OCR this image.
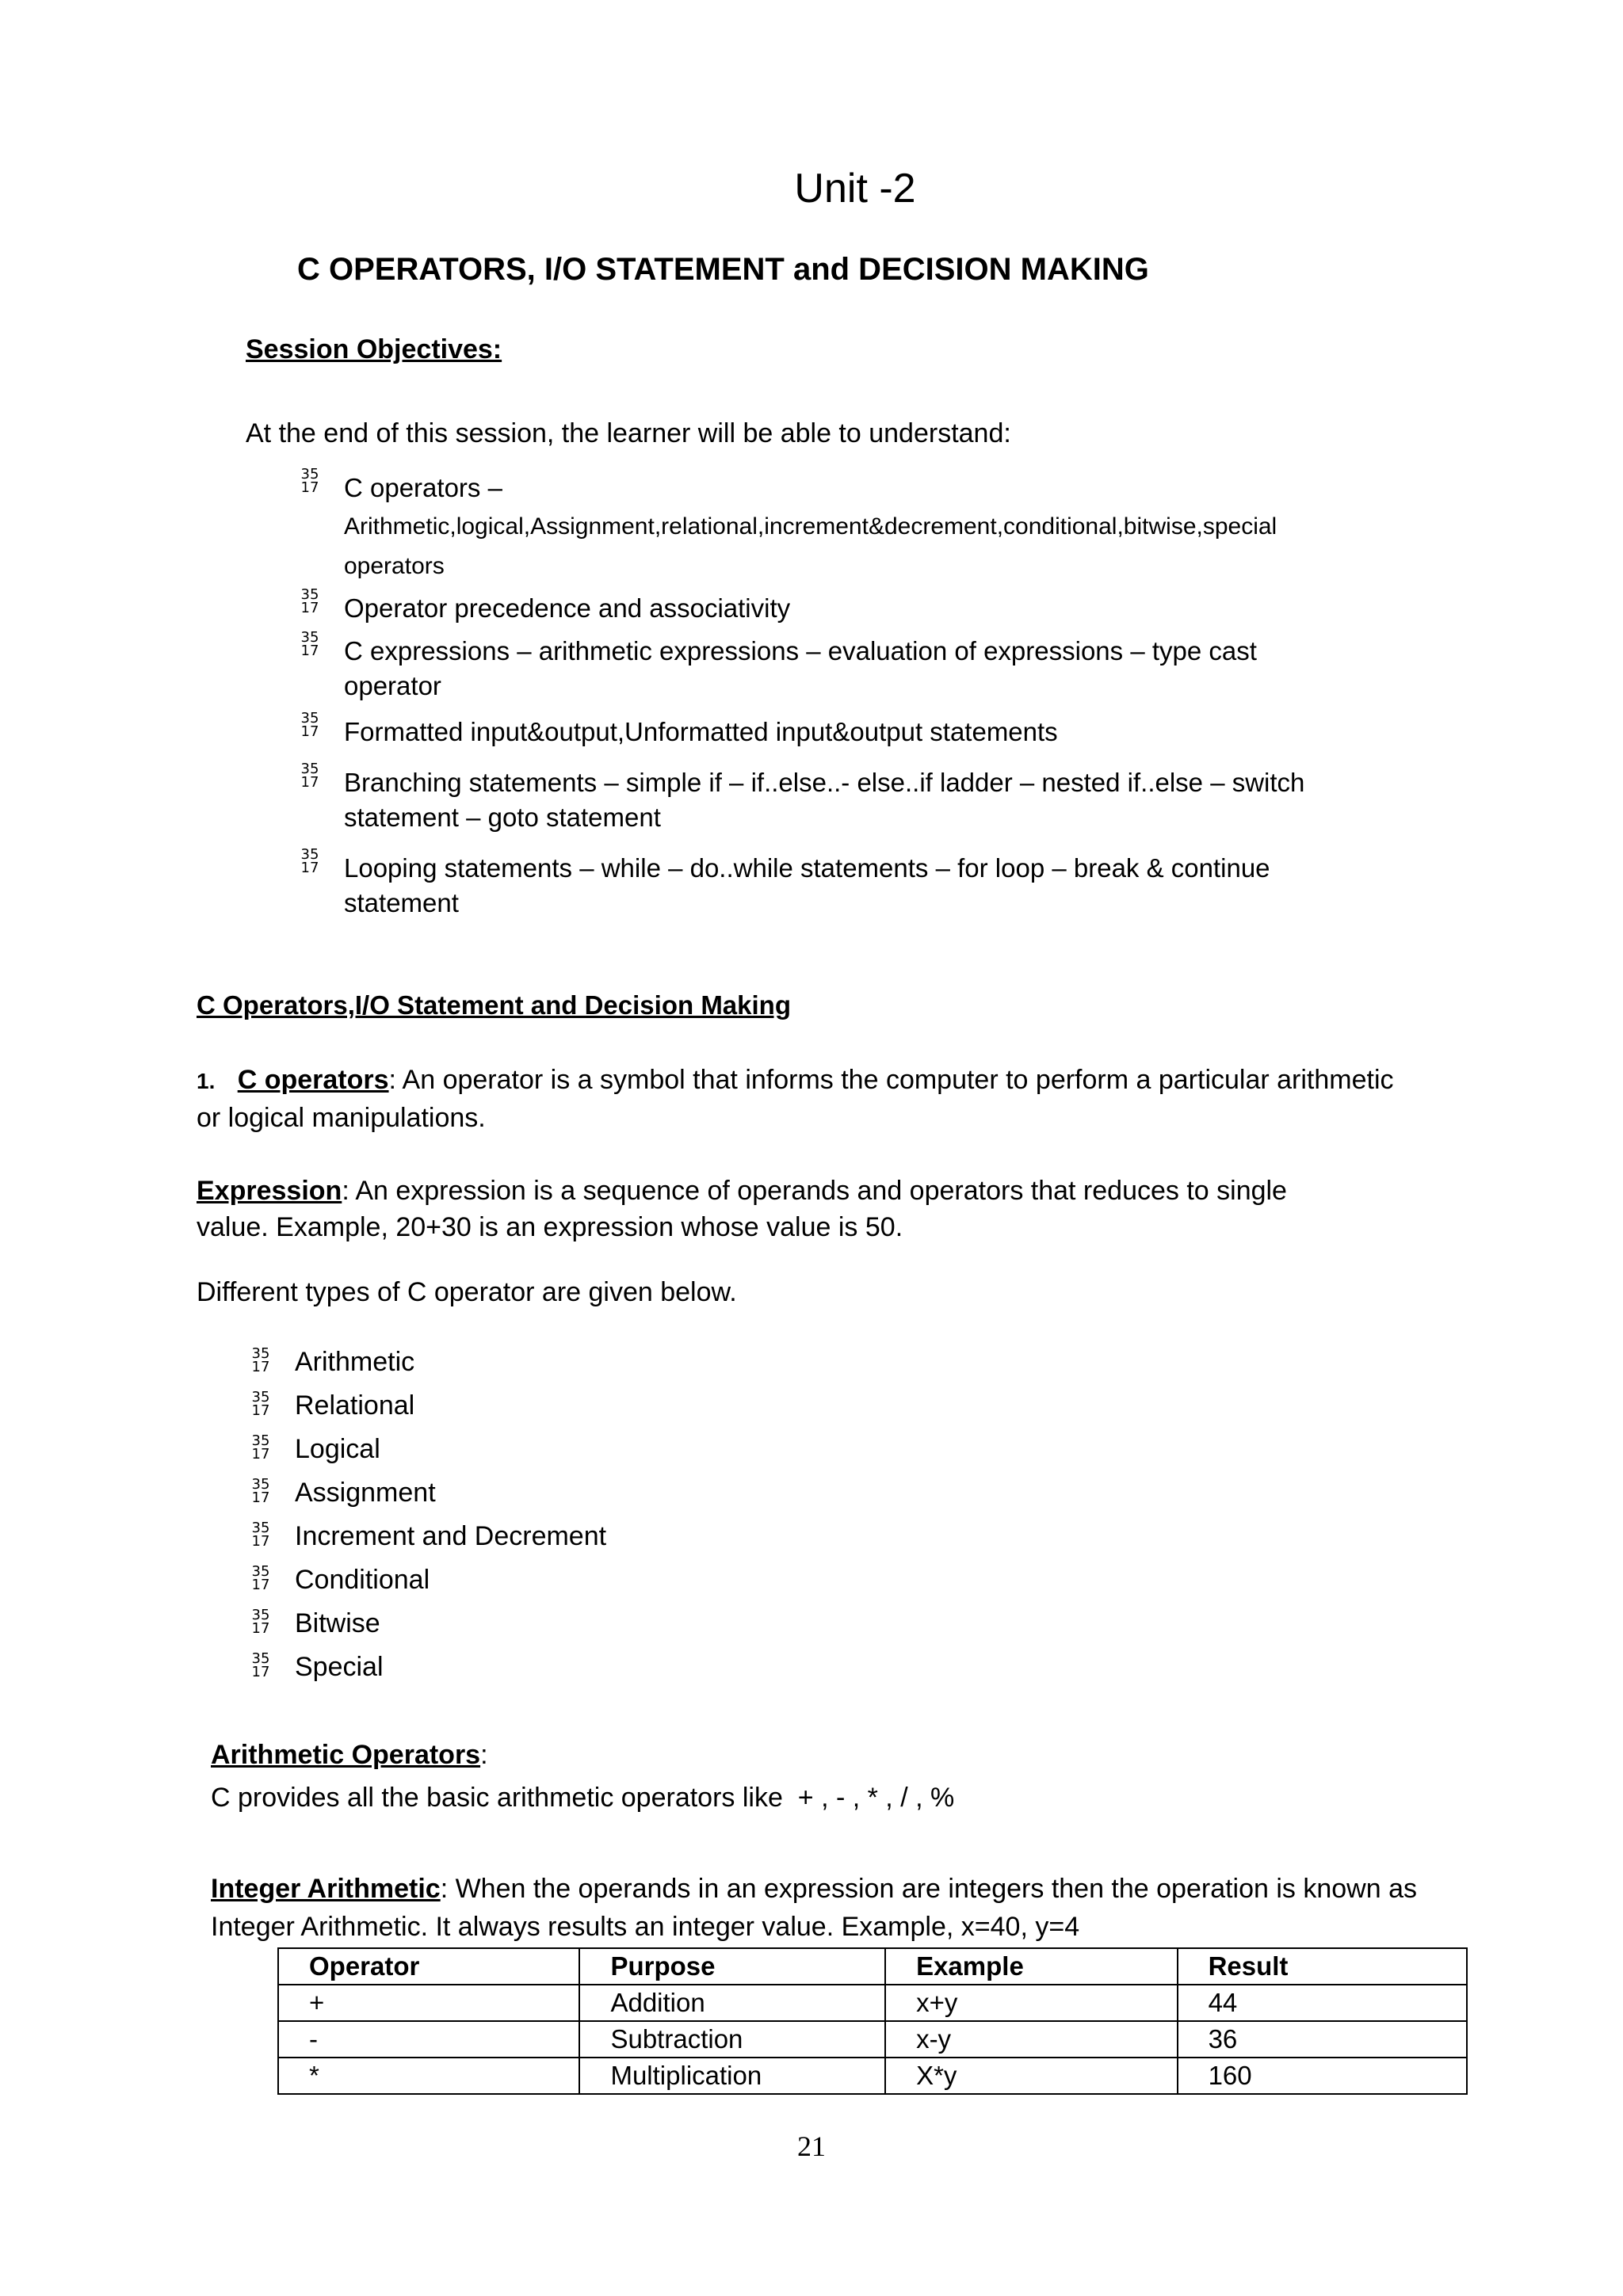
Unit -2
C OPERATORS, I/O STATEMENT and DECISION MAKING
Session Objectives:
At the end of this session, the learner will be able to understand:
35
17 C operators –
Arithmetic,logical,Assignment,relational,increment&decrement,conditional,bitwise,special
operators
35
17 Operator precedence and associativity
35
17 C expressions – arithmetic expressions – evaluation of expressions – type cast
operator
35
17 Formatted input&output,Unformatted input&output statements
35
17 Branching statements – simple if – if..else..- else..if ladder – nested if..else – switch
statement – goto statement
35
17 Looping statements – while – do..while statements – for loop – break & continue
statement
C Operators,I/O Statement and Decision Making
1. C operators: An operator is a symbol that informs the computer to perform a particular arithmetic
or logical manipulations.
Expression: An expression is a sequence of operands and operators that reduces to single
value. Example, 20+30 is an expression whose value is 50.
Different types of C operator are given below.
35
17 Arithmetic
35
17 Relational
35
17 Logical
35
17 Assignment
35
17 Increment and Decrement
35
17 Conditional
35
17 Bitwise
35
17 Special
Arithmetic Operators:
C provides all the basic arithmetic operators like  + , - , * , / , %
Integer Arithmetic: When the operands in an expression are integers then the operation is known as
Integer Arithmetic. It always results an integer value. Example, x=40, y=4
Operator	Purpose	Example	Result
+	Addition	x+y	44
-	Subtraction	x-y	36
*	Multiplication	X*y	160
21
